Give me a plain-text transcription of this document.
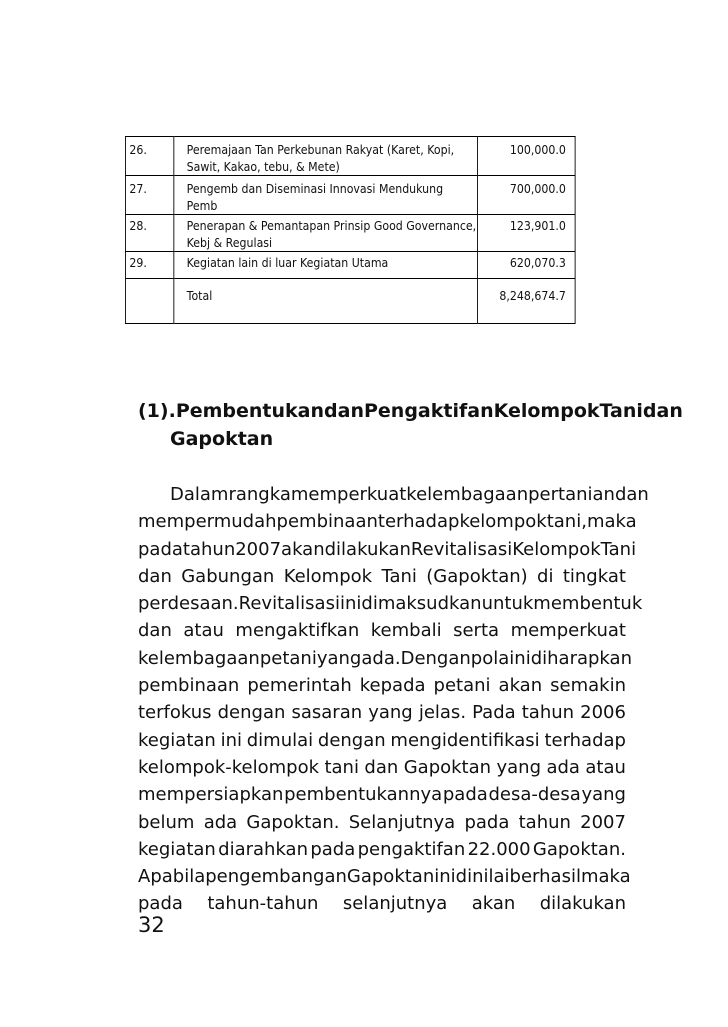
26.	Peremajaan Tan Perkebunan Rakyat (Karet, Kopi,
Sawit, Kakao, tebu, & Mete)	100,000.0
27.	Pengemb dan Diseminasi Innovasi Mendukung Pemb	700,000.0
28.	Penerapan & Pemantapan Prinsip Good Governance,
Kebj & Regulasi	123,901.0
29.	Kegiatan lain di luar Kegiatan Utama	620,070.3
	Total	8,248,674.7
(1).Pembentukan dan Pengaktifan Kelompok Tani dan
Gapoktan
Dalam rangka memperkuat kelembagaan pertanian dan
mempermudah pembinaan terhadap kelompok tani, maka
pada tahun 2007 akan dilakukan Revitalisasi Kelompok Tani
dan Gabungan Kelompok Tani (Gapoktan) di tingkat
perdesaan. Revitalisasi ini dimaksudkan untuk membentuk
dan atau mengaktifkan kembali serta memperkuat
kelembagaan petani yang ada. Dengan pola ini diharapkan
pembinaan pemerintah kepada petani akan semakin
terfokus dengan sasaran yang jelas. Pada tahun 2006
kegiatan ini dimulai dengan mengidentifikasi terhadap
kelompok-kelompok tani dan Gapoktan yang ada atau
mempersiapkan pembentukannya pada desa-desa yang
belum ada Gapoktan. Selanjutnya pada tahun 2007
kegiatan diarahkan pada pengaktifan 22.000 Gapoktan.
Apabila pengembangan Gapoktan ini dinilai berhasil maka
pada tahun-tahun selanjutnya akan dilakukan
32
